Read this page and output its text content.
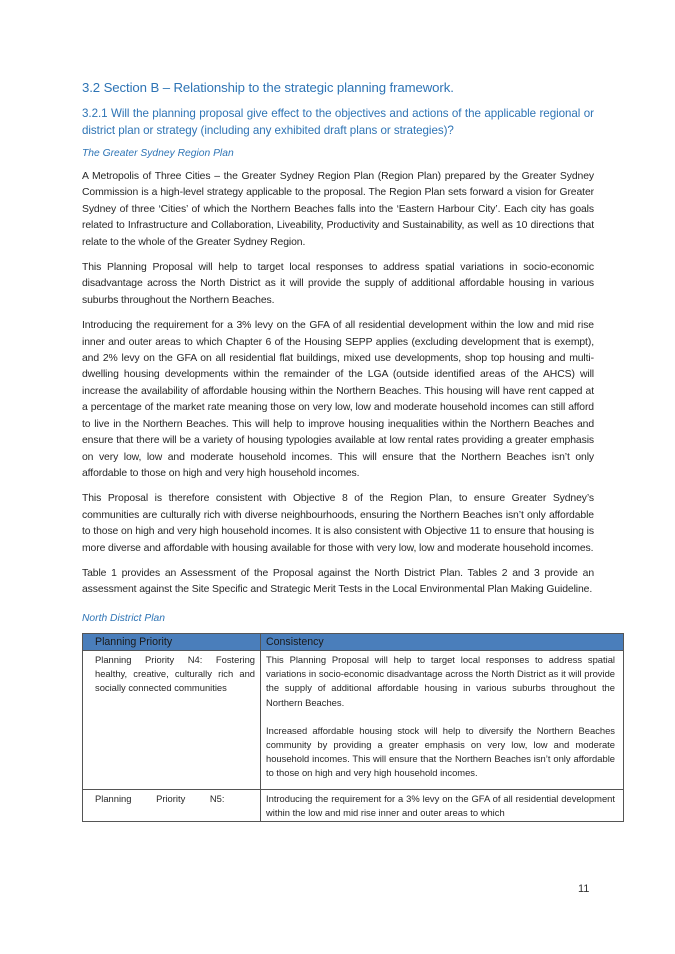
3.2 Section B – Relationship to the strategic planning framework.
3.2.1 Will the planning proposal give effect to the objectives and actions of the applicable regional or district plan or strategy (including any exhibited draft plans or strategies)?
The Greater Sydney Region Plan

A Metropolis of Three Cities – the Greater Sydney Region Plan (Region Plan) prepared by the Greater Sydney Commission is a high-level strategy applicable to the proposal. The Region Plan sets forward a vision for Greater Sydney of three ‘Cities’ of which the Northern Beaches falls into the ‘Eastern Harbour City’. Each city has goals related to Infrastructure and Collaboration, Liveability, Productivity and Sustainability, as well as 10 directions that relate to the whole of the Greater Sydney Region.

This Planning Proposal will help to target local responses to address spatial variations in socio-economic disadvantage across the North District as it will provide the supply of additional affordable housing in various suburbs throughout the Northern Beaches.

Introducing the requirement for a 3% levy on the GFA of all residential development within the low and mid rise inner and outer areas to which Chapter 6 of the Housing SEPP applies (excluding development that is exempt), and 2% levy on the GFA on all residential flat buildings, mixed use developments, shop top housing and multi-dwelling housing developments within the remainder of the LGA (outside identified areas of the AHCS) will increase the availability of affordable housing within the Northern Beaches. This housing will have rent capped at a percentage of the market rate meaning those on very low, low and moderate household incomes can still afford to live in the Northern Beaches. This will help to improve housing inequalities within the Northern Beaches and ensure that there will be a variety of housing typologies available at low rental rates providing a greater emphasis on very low, low and moderate household incomes. This will ensure that the Northern Beaches isn’t only affordable to those on high and very high household incomes.

This Proposal is therefore consistent with Objective 8 of the Region Plan, to ensure Greater Sydney’s communities are culturally rich with diverse neighbourhoods, ensuring the Northern Beaches isn’t only affordable to those on high and very high household incomes. It is also consistent with Objective 11 to ensure that housing is more diverse and affordable with housing available for those with very low, low and moderate household incomes.

Table 1 provides an Assessment of the Proposal against the North District Plan. Tables 2 and 3 provide an assessment against the Site Specific and Strategic Merit Tests in the Local Environmental Plan Making Guideline.

North District Plan
Planning Priority	Consistency
Planning Priority N4: Fostering healthy, creative, culturally rich and socially connected communities	This Planning Proposal will help to target local responses to address spatial variations in socio-economic disadvantage across the North District as it will provide the supply of additional affordable housing in various suburbs throughout the Northern Beaches.

Increased affordable housing stock will help to diversify the Northern Beaches community by providing a greater emphasis on very low, low and moderate household incomes. This will ensure that the Northern Beaches isn’t only affordable to those on high and very high household incomes.

Planning Priority N5:	Introducing the requirement for a 3% levy on the GFA of all residential development within the low and mid rise inner and outer areas to which

11
